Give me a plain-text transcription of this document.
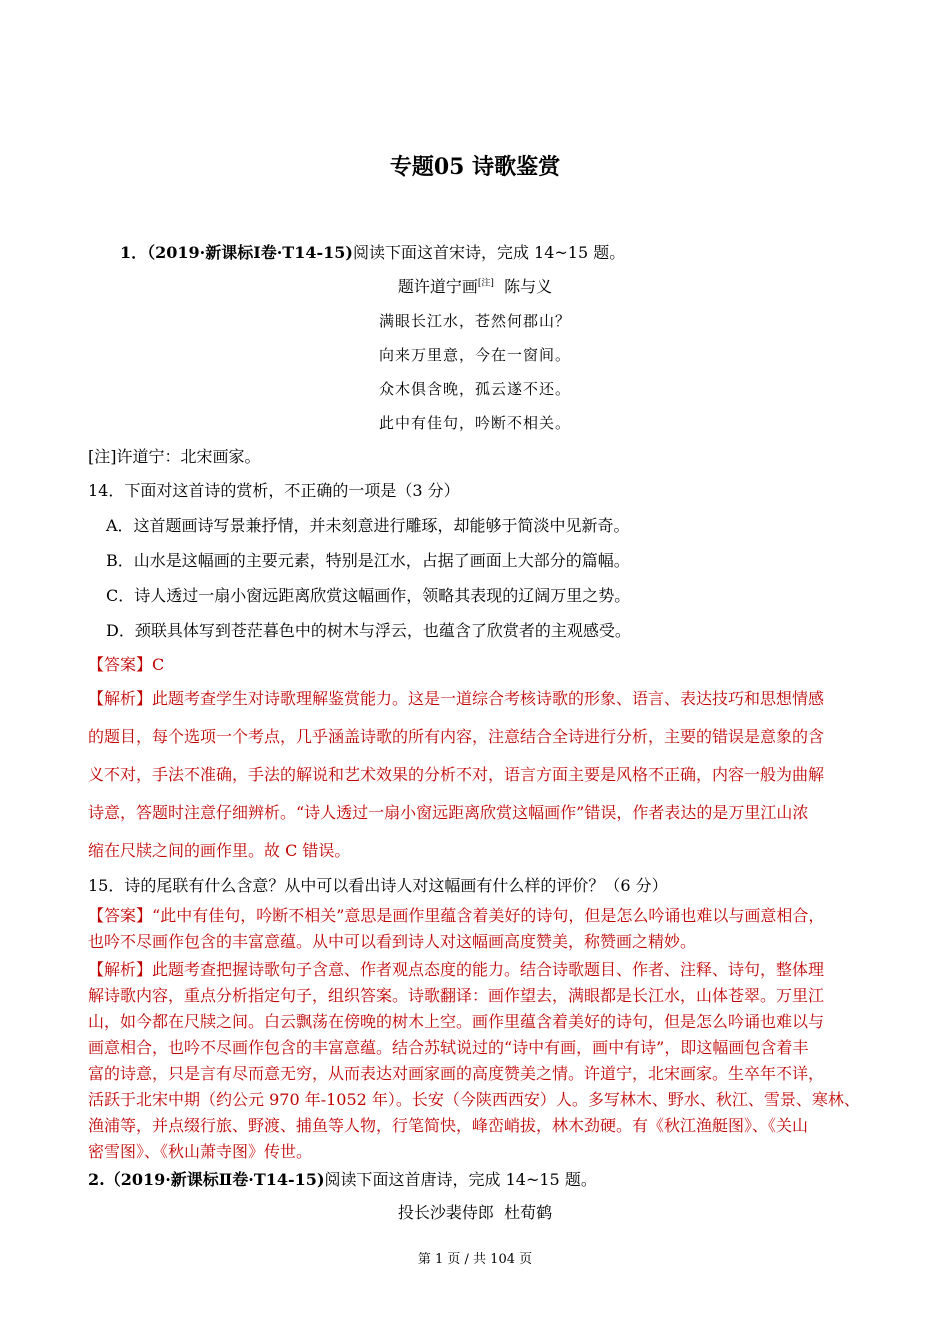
专题05 诗歌鉴赏
1．（2019·新课标Ⅰ卷·T14-15)阅读下面这首宋诗，完成 14~15 题。
题许道宁画[注] 陈与义
满眼长江水，苍然何郡山？
向来万里意，今在一窗间。
众木俱含晚，孤云遂不还。
此中有佳句，吟断不相关。
[注]许道宁：北宋画家。
14．下面对这首诗的赏析，不正确的一项是（3 分）
A．这首题画诗写景兼抒情，并未刻意进行雕琢，却能够于简淡中见新奇。
B．山水是这幅画的主要元素，特别是江水，占据了画面上大部分的篇幅。
C．诗人透过一扇小窗远距离欣赏这幅画作，领略其表现的辽阔万里之势。
D．颈联具体写到苍茫暮色中的树木与浮云，也蕴含了欣赏者的主观感受。
【答案】C
【解析】此题考查学生对诗歌理解鉴赏能力。这是一道综合考核诗歌的形象、语言、表达技巧和思想情感
的题目，每个选项一个考点，几乎涵盖诗歌的所有内容，注意结合全诗进行分析，主要的错误是意象的含
义不对，手法不准确，手法的解说和艺术效果的分析不对，语言方面主要是风格不正确，内容一般为曲解
诗意，答题时注意仔细辨析。“诗人透过一扇小窗远距离欣赏这幅画作”错误，作者表达的是万里江山浓
缩在尺牍之间的画作里。故 C 错误。
15．诗的尾联有什么含意？从中可以看出诗人对这幅画有什么样的评价？（6 分）
【答案】“此中有佳句，吟断不相关”意思是画作里蕴含着美好的诗句，但是怎么吟诵也难以与画意相合，
也吟不尽画作包含的丰富意蕴。从中可以看到诗人对这幅画高度赞美，称赞画之精妙。
【解析】此题考查把握诗歌句子含意、作者观点态度的能力。结合诗歌题目、作者、注释、诗句，整体理
解诗歌内容，重点分析指定句子，组织答案。诗歌翻译：画作望去，满眼都是长江水，山体苍翠。万里江
山，如今都在尺牍之间。白云飘荡在傍晚的树木上空。画作里蕴含着美好的诗句，但是怎么吟诵也难以与
画意相合，也吟不尽画作包含的丰富意蕴。结合苏轼说过的“诗中有画，画中有诗”，即这幅画包含着丰
富的诗意，只是言有尽而意无穷，从而表达对画家画的高度赞美之情。许道宁，北宋画家。生卒年不详，
活跃于北宋中期（约公元 970 年-1052 年）。长安（今陕西西安）人。多写林木、野水、秋江、雪景、寒林、
渔浦等，并点缀行旅、野渡、捕鱼等人物，行笔简快，峰峦峭拔，林木劲硬。有《秋江渔艇图》、《关山
密雪图》、《秋山萧寺图》传世。
2.（2019·新课标Ⅱ卷·T14-15)阅读下面这首唐诗，完成 14~15 题。
投长沙裴侍郎 杜荀鹤
第 1 页 / 共 104 页
